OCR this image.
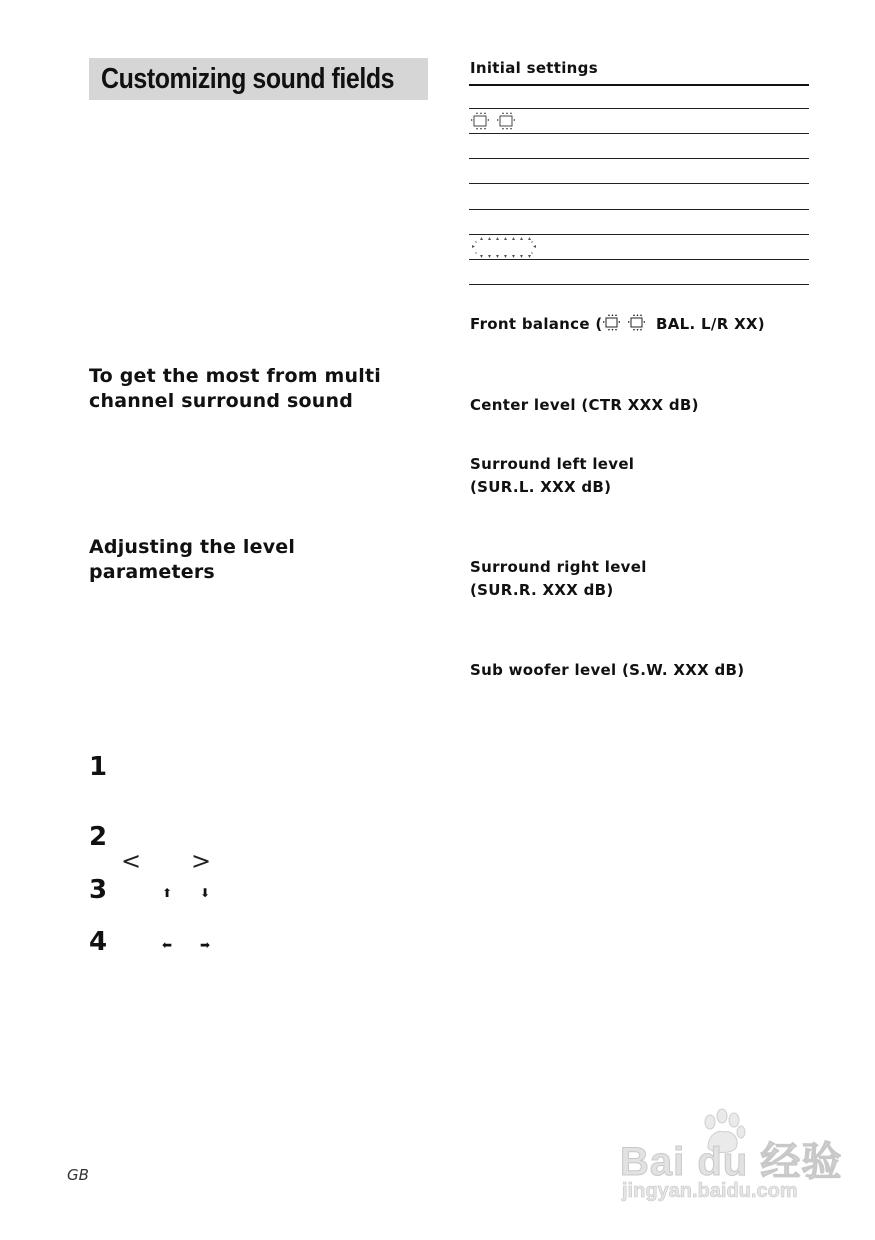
Customizing sound fields
To get the most from multi
channel surround sound
Adjusting the level
parameters
1
2
3
4
< >
⬆ ⬇
⬅ ➡
GB
Initial settings

Front balance (	BAL. L/R XX)

Center level (CTR XXX dB)

Surround left level

(SUR.L. XXX dB)

Surround right level

(SUR.R. XXX dB)

Sub woofer level (S.W. XXX dB)

Bai du 经验
jingyan.baidu.com
